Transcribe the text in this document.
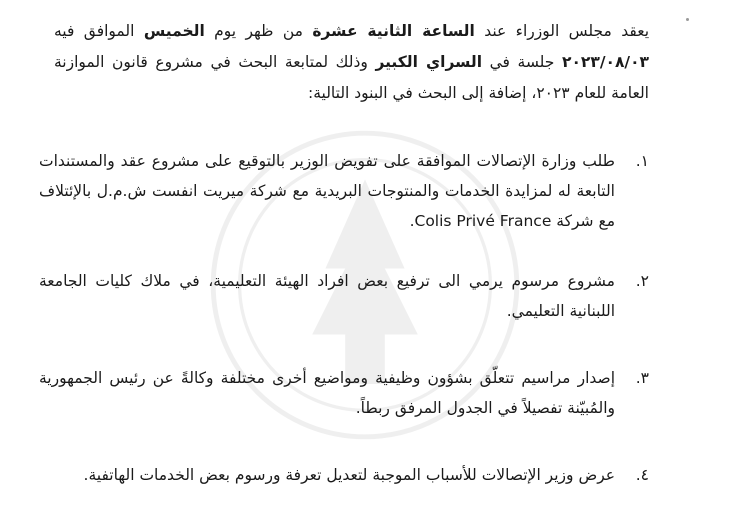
يعقد مجلس الوزراء عند الساعة الثانية عشرة من ظهر يوم الخميس الموافق فيه ٢٠٢٣/٠٨/٠٣ جلسة في السراي الكبير وذلك لمتابعة البحث في مشروع قانون الموازنة العامة للعام ٢٠٢٣، إضافة إلى البحث في البنود التالية:

١.
طلب وزارة الإتصالات الموافقة على تفويض الوزير بالتوقيع على مشروع عقد والمستندات التابعة له لمزايدة الخدمات والمنتوجات البريدية مع شركة ميريت انفست ش.م.ل بالإئتلاف مع شركة Colis Privé France.
٢.
مشروع مرسوم يرمي الى ترفيع بعض افراد الهيئة التعليمية، في ملاك كليات الجامعة اللبنانية التعليمي.
٣.
إصدار مراسيم تتعلّق بشؤون وظيفية ومواضيع أخرى مختلفة وكالةً عن رئيس الجمهورية والمُبيّنة تفصيلاً في الجدول المرفق ربطاً.
٤.
عرض وزير الإتصالات للأسباب الموجبة لتعديل تعرفة ورسوم بعض الخدمات الهاتفية.
